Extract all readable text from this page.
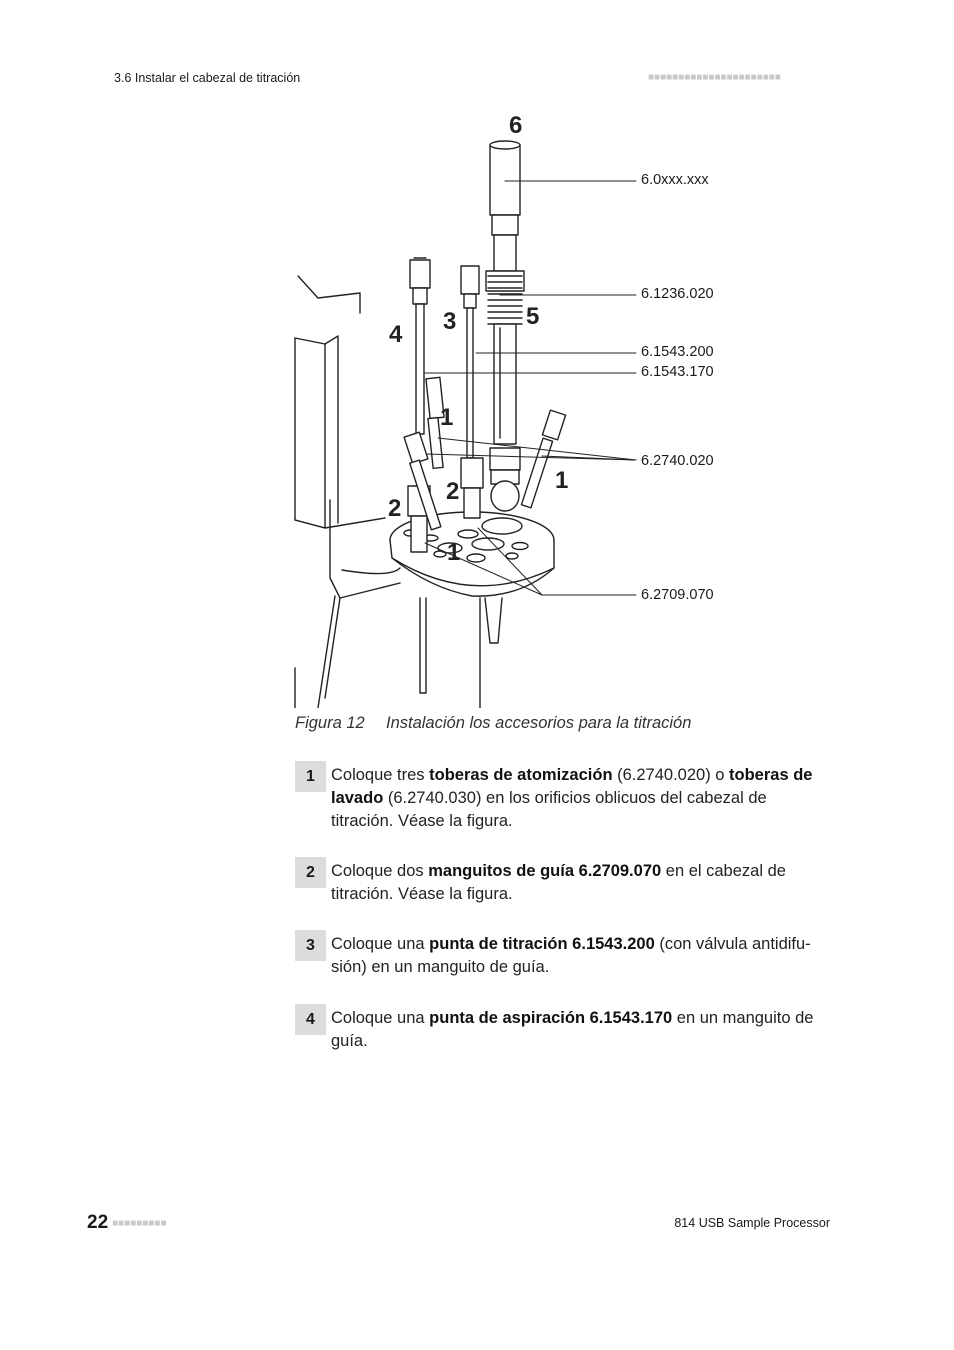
3.6 Instalar el cabezal de titración	■■■■■■■■■■■■■■■■■■■■■■
6
4 3	5
1
1
2
2
1
6.0xxx.xxx
6.1236.020
6.1543.200
6.1543.170
6.2740.020
6.2709.070
Figura 12 Instalación los accesorios para la titración
1 Coloque tres toberas de atomización (6.2740.020) o toberas de lavado (6.2740.030) en los orificios oblicuos del cabezal de titración. Véase la figura.
2 Coloque dos manguitos de guía 6.2709.070 en el cabezal de titración. Véase la figura.
3 Coloque una punta de titración 6.1543.200 (con válvula antidifu-sión) en un manguito de guía.
4 Coloque una punta de aspiración 6.1543.170 en un manguito de guía.
22 ■■■■■■■■■	814 USB Sample Processor
